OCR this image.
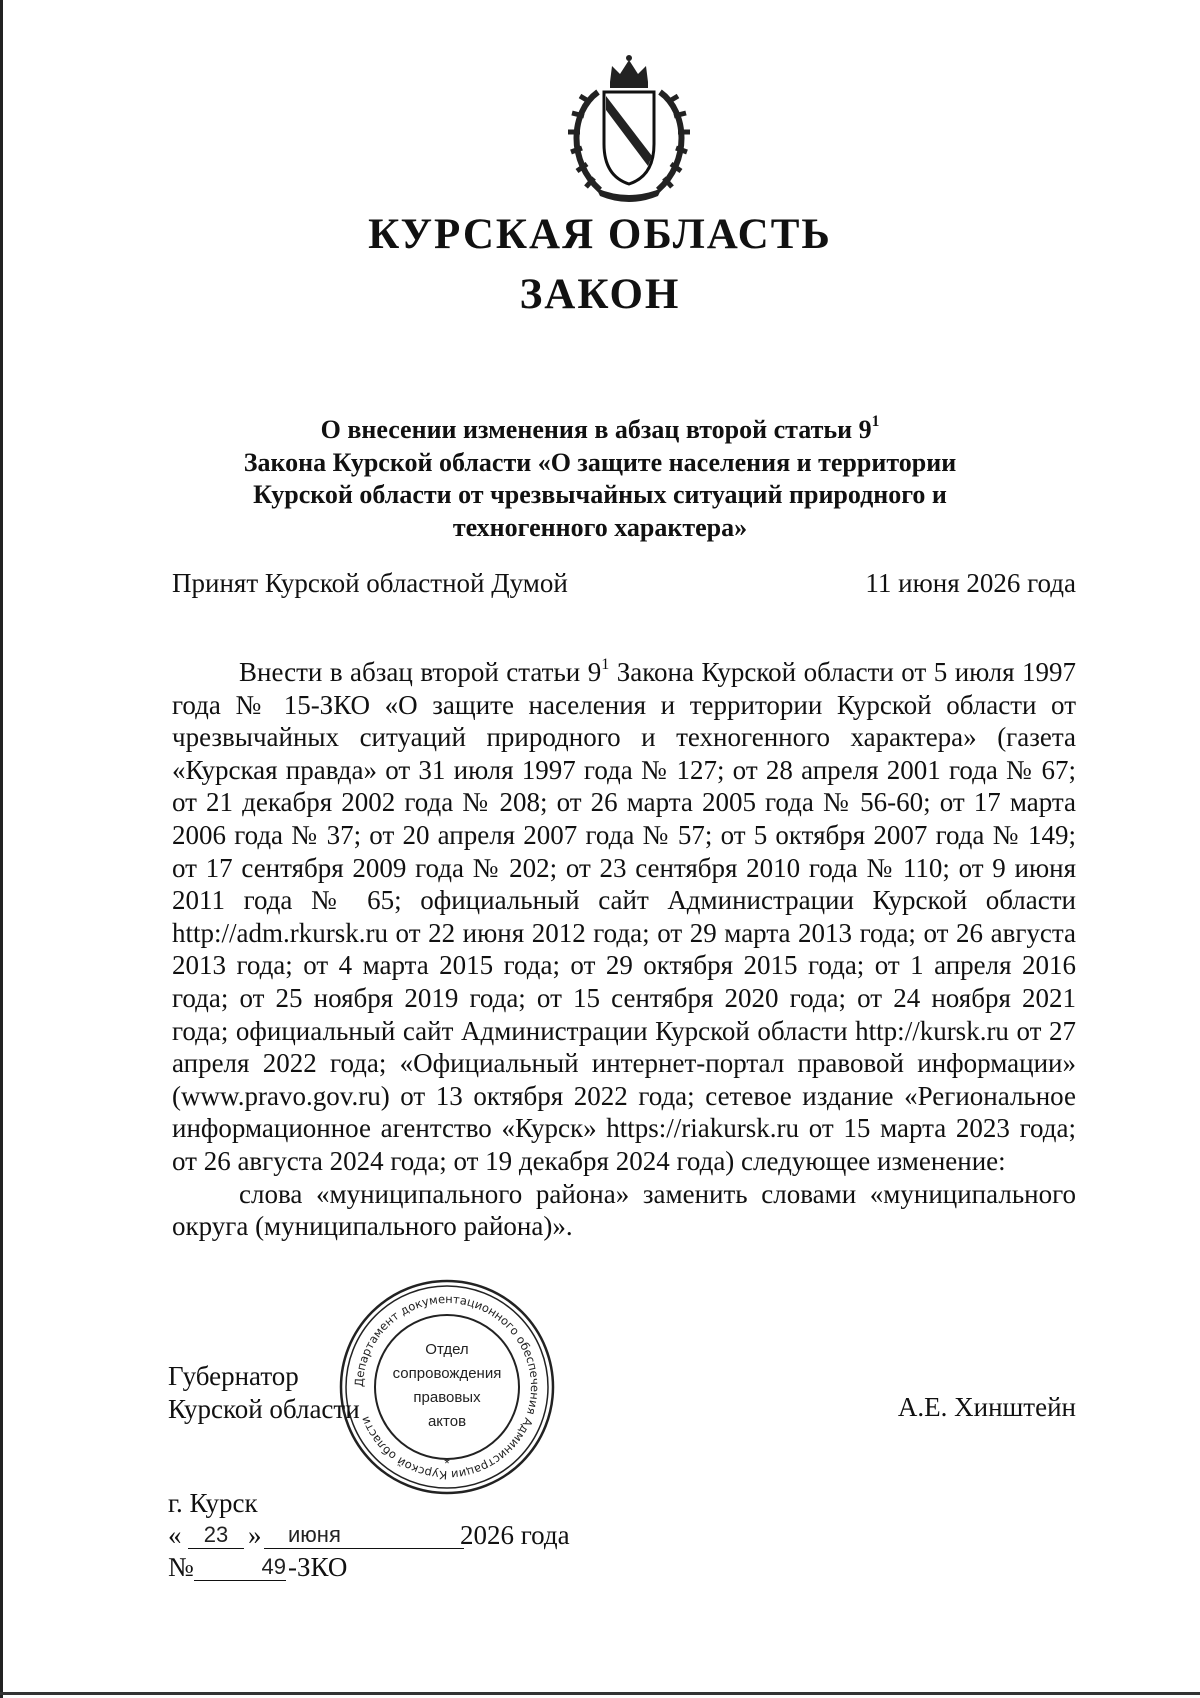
КУРСКАЯ ОБЛАСТЬ
ЗАКОН
О внесении изменения в абзац второй статьи $9^1$
Закона Курской области «О защите населения и территории
Курской области от чрезвычайных ситуаций природного и
техногенного характера»
Принят Курской областной Думой	11 июня 2026 года

Внести в абзац второй статьи $9^1$ Закона Курской области от 5 июля 1997 года № 15-ЗКО «О защите населения и территории Курской области от чрезвычайных ситуаций природного и техногенного характера» (газета «Курская правда» от 31 июля 1997 года № 127; от 28 апреля 2001 года № 67; от 21 декабря 2002 года № 208; от 26 марта 2005 года № 56-60; от 17 марта 2006 года № 37; от 20 апреля 2007 года № 57; от 5 октября 2007 года № 149; от 17 сентября 2009 года № 202; от 23 сентября 2010 года № 110; от 9 июня 2011 года № 65; официальный сайт Администрации Курской области http://adm.rkursk.ru от 22 июня 2012 года; от 29 марта 2013 года; от 26 августа 2013 года; от 4 марта 2015 года; от 29 октября 2015 года; от 1 апреля 2016 года; от 25 ноября 2019 года; от 15 сентября 2020 года; от 24 ноября 2021 года; официальный сайт Администрации Курской области http://kursk.ru от 27 апреля 2022 года; «Официальный интернет-портал правовой информации» (www.pravo.gov.ru) от 13 октября 2022 года; сетевое издание «Региональное информационное агентство «Курск» https://riakursk.ru от 15 марта 2023 года; от 26 августа 2024 года; от 19 декабря 2024 года) следующее изменение:

слова «муниципального района» заменить словами «муниципального округа (муниципального района)».

Департамент документационного обеспечения Администрации Курской области
Отдел
сопровождения
правовых
актов
*
Губернатор
Курской области	А.Е. Хинштейн
г. Курск
«	23 »	июня	2026 года
№	49 -ЗКО
